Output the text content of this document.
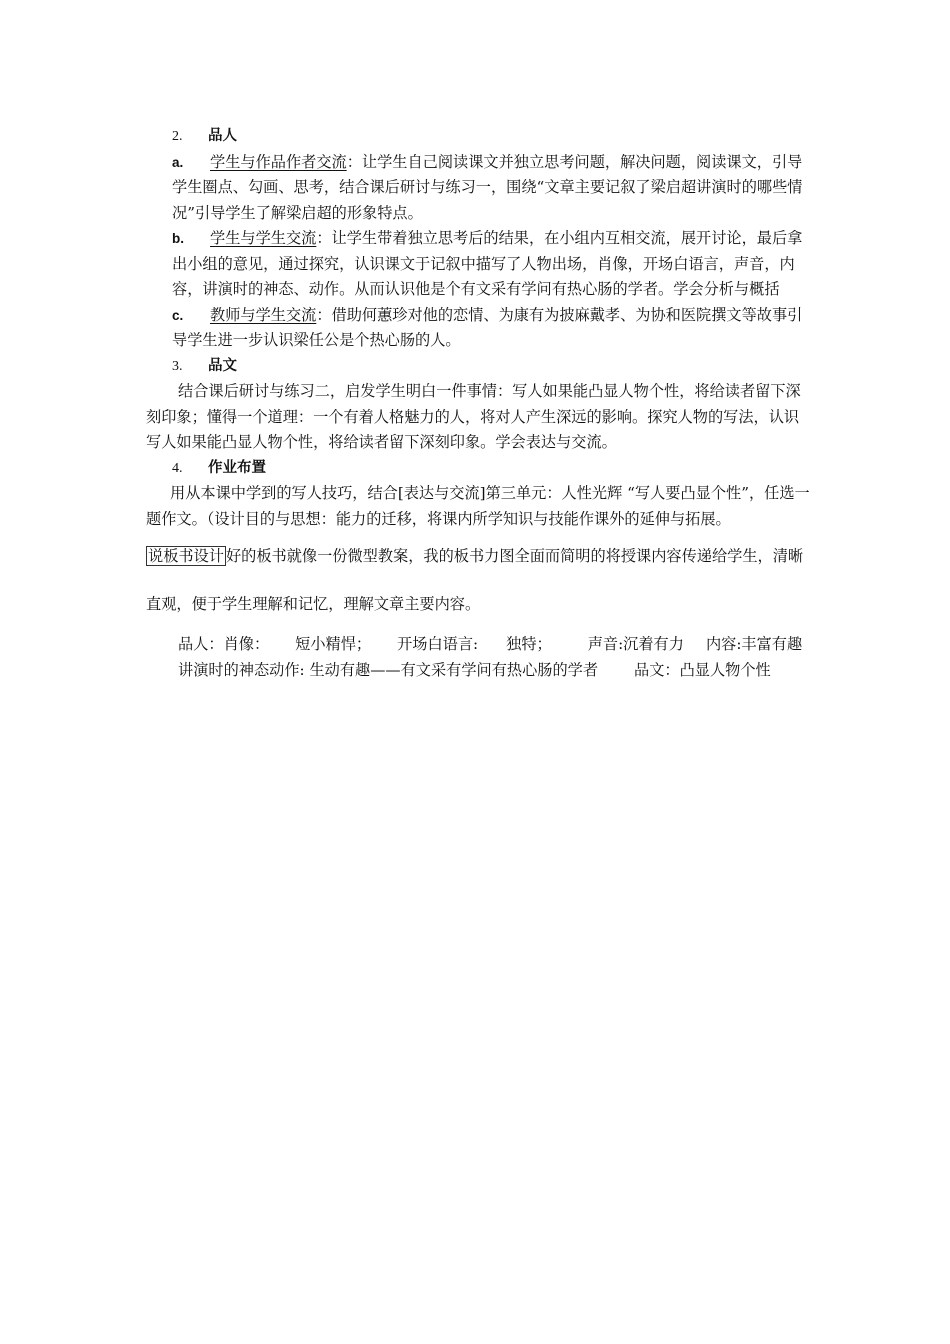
2.	品人
a.	学生与作品作者交流：让学生自己阅读课文并独立思考问题，解决问题，阅读课文，引导学生圈点、勾画、思考，结合课后研讨与练习一，围绕“文章主要记叙了梁启超讲演时的哪些情况”引导学生了解梁启超的形象特点。
b.	学生与学生交流：让学生带着独立思考后的结果，在小组内互相交流，展开讨论，最后拿出小组的意见，通过探究，认识课文于记叙中描写了人物出场，肖像，开场白语言，声音，内容，讲演时的神态、动作。从而认识他是个有文采有学问有热心肠的学者。学会分析与概括
c.	教师与学生交流：借助何蕙珍对他的恋情、为康有为披麻戴孝、为协和医院撰文等故事引导学生进一步认识梁任公是个热心肠的人。
3.	品文
结合课后研讨与练习二，启发学生明白一件事情：写人如果能凸显人物个性，将给读者留下深刻印象；懂得一个道理：一个有着人格魅力的人，将对人产生深远的影响。探究人物的写法，认识写人如果能凸显人物个性，将给读者留下深刻印象。学会表达与交流。
4.	作业布置
用从本课中学到的写人技巧，结合[表达与交流]第三单元：人性光辉 “写人要凸显个性”，任选一题作文。（设计目的与思想：能力的迁移，将课内所学知识与技能作课外的延伸与拓展。
说板书设计 好的板书就像一份微型教案，我的板书力图全面而简明的将授课内容传递给学生，清晰直观，便于学生理解和记忆，理解文章主要内容。
品人：肖像： 短小精悍； 开场白语言: 独特； 声音:沉着有力 内容:丰富有趣
讲演时的神态动作: 生动有趣——有文采有学问有热心肠的学者 品文：凸显人物个性
